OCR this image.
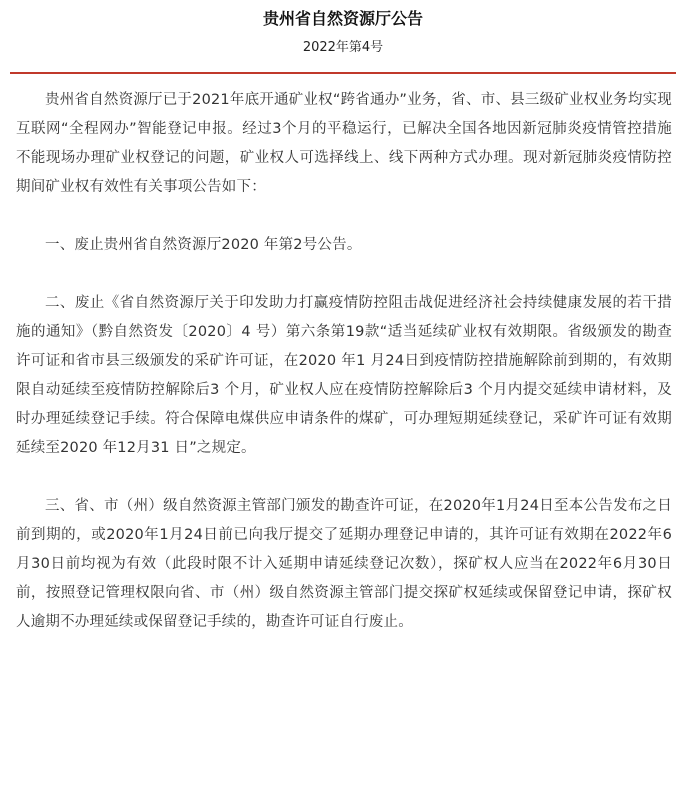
贵州省自然资源厅公告
2022年第4号

贵州省自然资源厅已于2021年底开通矿业权“跨省通办”业务，省、市、县三级矿业权业务均实现互联网“全程网办”智能登记申报。经过3个月的平稳运行，已解决全国各地因新冠肺炎疫情管控措施不能现场办理矿业权登记的问题，矿业权人可选择线上、线下两种方式办理。现对新冠肺炎疫情防控期间矿业权有效性有关事项公告如下：

一、废止贵州省自然资源厅2020 年第2号公告。

二、废止《省自然资源厅关于印发助力打赢疫情防控阻击战促进经济社会持续健康发展的若干措施的通知》（黔自然资发〔2020〕4 号）第六条第19款“适当延续矿业权有效期限。省级颁发的勘查许可证和省市县三级颁发的采矿许可证，在2020 年1 月24日到疫情防控措施解除前到期的，有效期限自动延续至疫情防控解除后3 个月，矿业权人应在疫情防控解除后3 个月内提交延续申请材料，及时办理延续登记手续。符合保障电煤供应申请条件的煤矿，可办理短期延续登记，采矿许可证有效期延续至2020 年12月31 日”之规定。

三、省、市（州）级自然资源主管部门颁发的勘查许可证，在2020年1月24日至本公告发布之日前到期的，或2020年1月24日前已向我厅提交了延期办理登记申请的，其许可证有效期在2022年6月30日前均视为有效（此段时限不计入延期申请延续登记次数），探矿权人应当在2022年6月30日前，按照登记管理权限向省、市（州）级自然资源主管部门提交探矿权延续或保留登记申请，探矿权人逾期不办理延续或保留登记手续的，勘查许可证自行废止。
